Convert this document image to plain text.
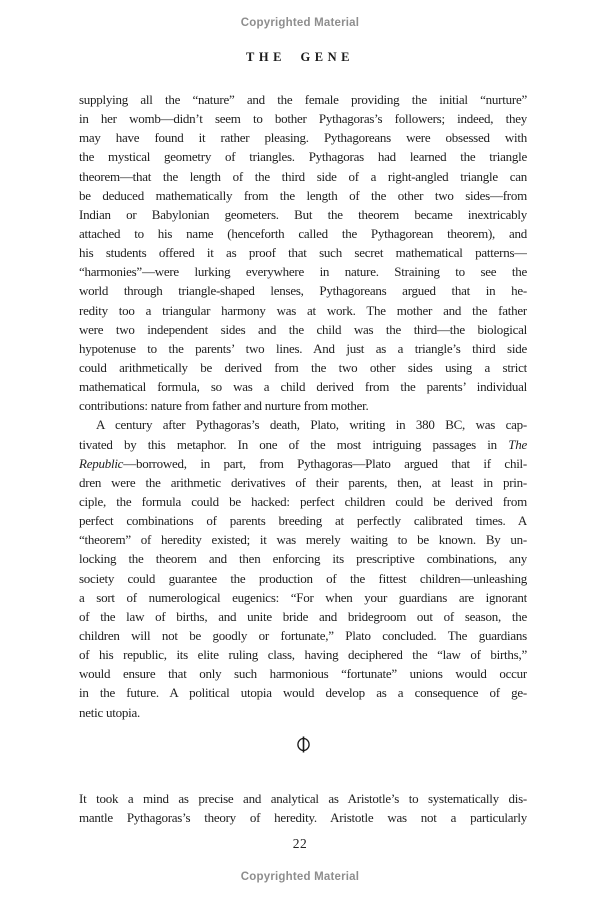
Copyrighted Material
THE GENE
supplying all the “nature” and the female providing the initial “nurture”
in her womb—didn’t seem to bother Pythagoras’s followers; indeed, they
may have found it rather pleasing. Pythagoreans were obsessed with
the mystical geometry of triangles. Pythagoras had learned the triangle
theorem—that the length of the third side of a right-angled triangle can
be deduced mathematically from the length of the other two sides—from
Indian or Babylonian geometers. But the theorem became inextricably
attached to his name (henceforth called the Pythagorean theorem), and
his students offered it as proof that such secret mathematical patterns—
“harmonies”—were lurking everywhere in nature. Straining to see the
world through triangle-shaped lenses, Pythagoreans argued that in he-
redity too a triangular harmony was at work. The mother and the father
were two independent sides and the child was the third—the biological
hypotenuse to the parents’ two lines. And just as a triangle’s third side
could arithmetically be derived from the two other sides using a strict
mathematical formula, so was a child derived from the parents’ individual
contributions: nature from father and nurture from mother.
A century after Pythagoras’s death, Plato, writing in 380 BC, was cap-
tivated by this metaphor. In one of the most intriguing passages in The
Republic—borrowed, in part, from Pythagoras—Plato argued that if chil-
dren were the arithmetic derivatives of their parents, then, at least in prin-
ciple, the formula could be hacked: perfect children could be derived from
perfect combinations of parents breeding at perfectly calibrated times. A
“theorem” of heredity existed; it was merely waiting to be known. By un-
locking the theorem and then enforcing its prescriptive combinations, any
society could guarantee the production of the fittest children—unleashing
a sort of numerological eugenics: “For when your guardians are ignorant
of the law of births, and unite bride and bridegroom out of season, the
children will not be goodly or fortunate,” Plato concluded. The guardians
of his republic, its elite ruling class, having deciphered the “law of births,”
would ensure that only such harmonious “fortunate” unions would occur
in the future. A political utopia would develop as a consequence of ge-
netic utopia.
It took a mind as precise and analytical as Aristotle’s to systematically dis-
mantle Pythagoras’s theory of heredity. Aristotle was not a particularly
22
Copyrighted Material
